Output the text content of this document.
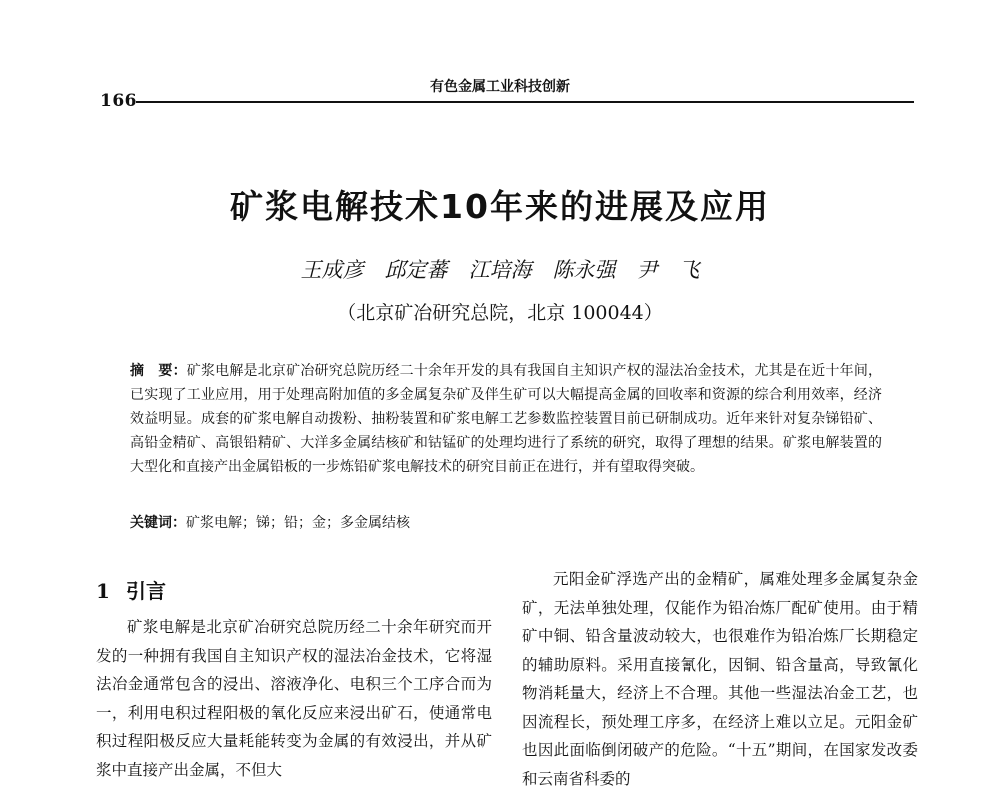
有色金属工业科技创新
166
矿浆电解技术10年来的进展及应用
王成彦　邱定蕃　江培海　陈永强　尹　飞
（北京矿冶研究总院，北京 100044）
摘　要：矿浆电解是北京矿冶研究总院历经二十余年开发的具有我国自主知识产权的湿法冶金技术，尤其是在近十年间，已实现了工业应用，用于处理高附加值的多金属复杂矿及伴生矿可以大幅提高金属的回收率和资源的综合利用效率，经济效益明显。成套的矿浆电解自动拨粉、抽粉装置和矿浆电解工艺参数监控装置目前已研制成功。近年来针对复杂锑铅矿、高铅金精矿、高银铅精矿、大洋多金属结核矿和钴锰矿的处理均进行了系统的研究，取得了理想的结果。矿浆电解装置的大型化和直接产出金属铅板的一步炼铅矿浆电解技术的研究目前正在进行，并有望取得突破。
关键词：矿浆电解；锑；铅；金；多金属结核
1 引言

矿浆电解是北京矿冶研究总院历经二十余年研究而开发的一种拥有我国自主知识产权的湿法冶金技术，它将湿法冶金通常包含的浸出、溶液净化、电积三个工序合而为一，利用电积过程阳极的氧化反应来浸出矿石，使通常电积过程阳极反应大量耗能转变为金属的有效浸出，并从矿浆中直接产出金属，不但大

元阳金矿浮选产出的金精矿，属难处理多金属复杂金矿，无法单独处理，仅能作为铅冶炼厂配矿使用。由于精矿中铜、铅含量波动较大，也很难作为铅冶炼厂长期稳定的辅助原料。采用直接氰化，因铜、铅含量高，导致氰化物消耗量大，经济上不合理。其他一些湿法冶金工艺，也因流程长，预处理工序多，在经济上难以立足。元阳金矿也因此面临倒闭破产的危险。“十五”期间，在国家发改委和云南省科委的
